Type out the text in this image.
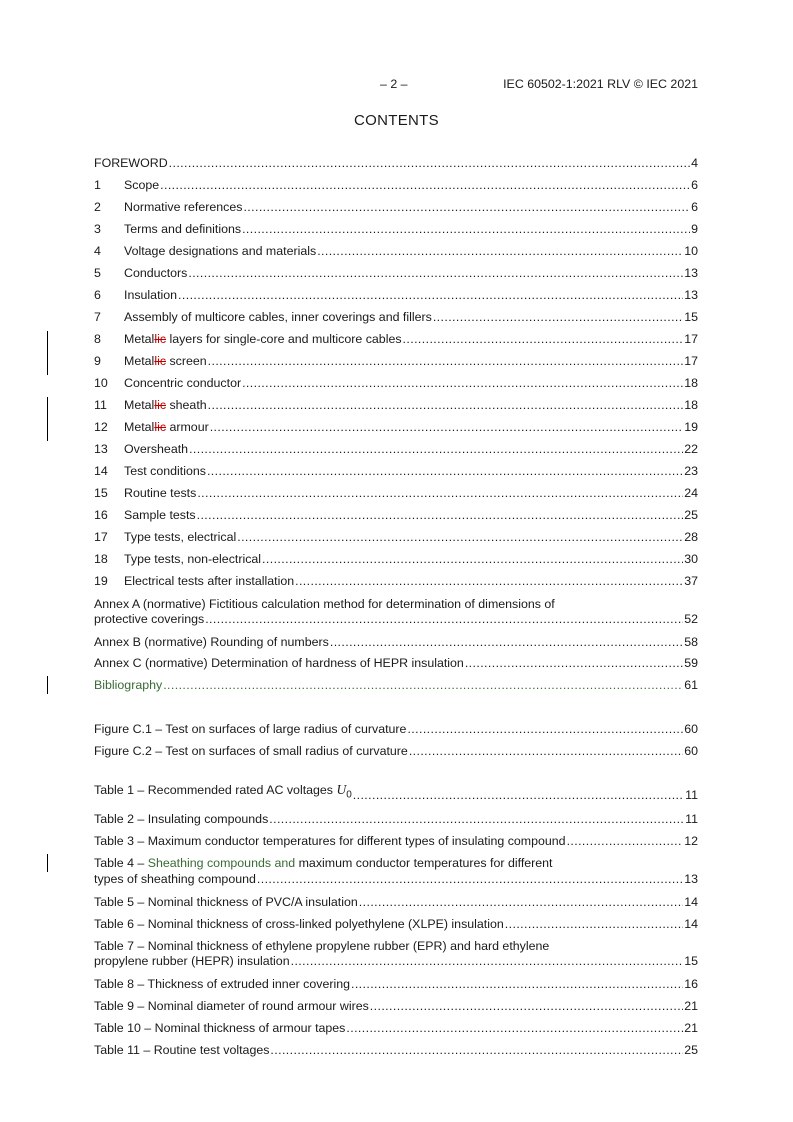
– 2 –	IEC 60502-1:2021 RLV © IEC 2021
CONTENTS
FOREWORD .....	4
1	Scope .....	6
2	Normative references .....	6
3	Terms and definitions .....	9
4	Voltage designations and materials .....	10
5	Conductors .....	13
6	Insulation .....	13
7	Assembly of multicore cables, inner coverings and fillers .....	15
8	Metallic layers for single-core and multicore cables .....	17
9	Metallic screen .....	17
10	Concentric conductor .....	18
11	Metallic sheath .....	18
12	Metallic armour .....	19
13	Oversheath .....	22
14	Test conditions .....	23
15	Routine tests .....	24
16	Sample tests .....	25
17	Type tests, electrical .....	28
18	Type tests, non-electrical .....	30
19	Electrical tests after installation .....	37
Annex A (normative) Fictitious calculation method for determination of dimensions of
protective coverings .....	52
Annex B (normative) Rounding of numbers .....	58
Annex C (normative) Determination of hardness of HEPR insulation .....	59
Bibliography .....	61
Figure C.1 – Test on surfaces of large radius of curvature .....	60
Figure C.2 – Test on surfaces of small radius of curvature .....	60
Table 1 – Recommended rated AC voltages $U_0$ .....	11
Table 2 – Insulating compounds .....	11
Table 3 – Maximum conductor temperatures for different types of insulating compound .....	12
Table 4 – Sheathing compounds and maximum conductor temperatures for different
types of sheathing compound .....	13
Table 5 – Nominal thickness of PVC/A insulation .....	14
Table 6 – Nominal thickness of cross-linked polyethylene (XLPE) insulation .....	14
Table 7 – Nominal thickness of ethylene propylene rubber (EPR) and hard ethylene
propylene rubber (HEPR) insulation .....	15
Table 8 – Thickness of extruded inner covering .....	16
Table 9 – Nominal diameter of round armour wires .....	21
Table 10 – Nominal thickness of armour tapes .....	21
Table 11 – Routine test voltages .....	25
